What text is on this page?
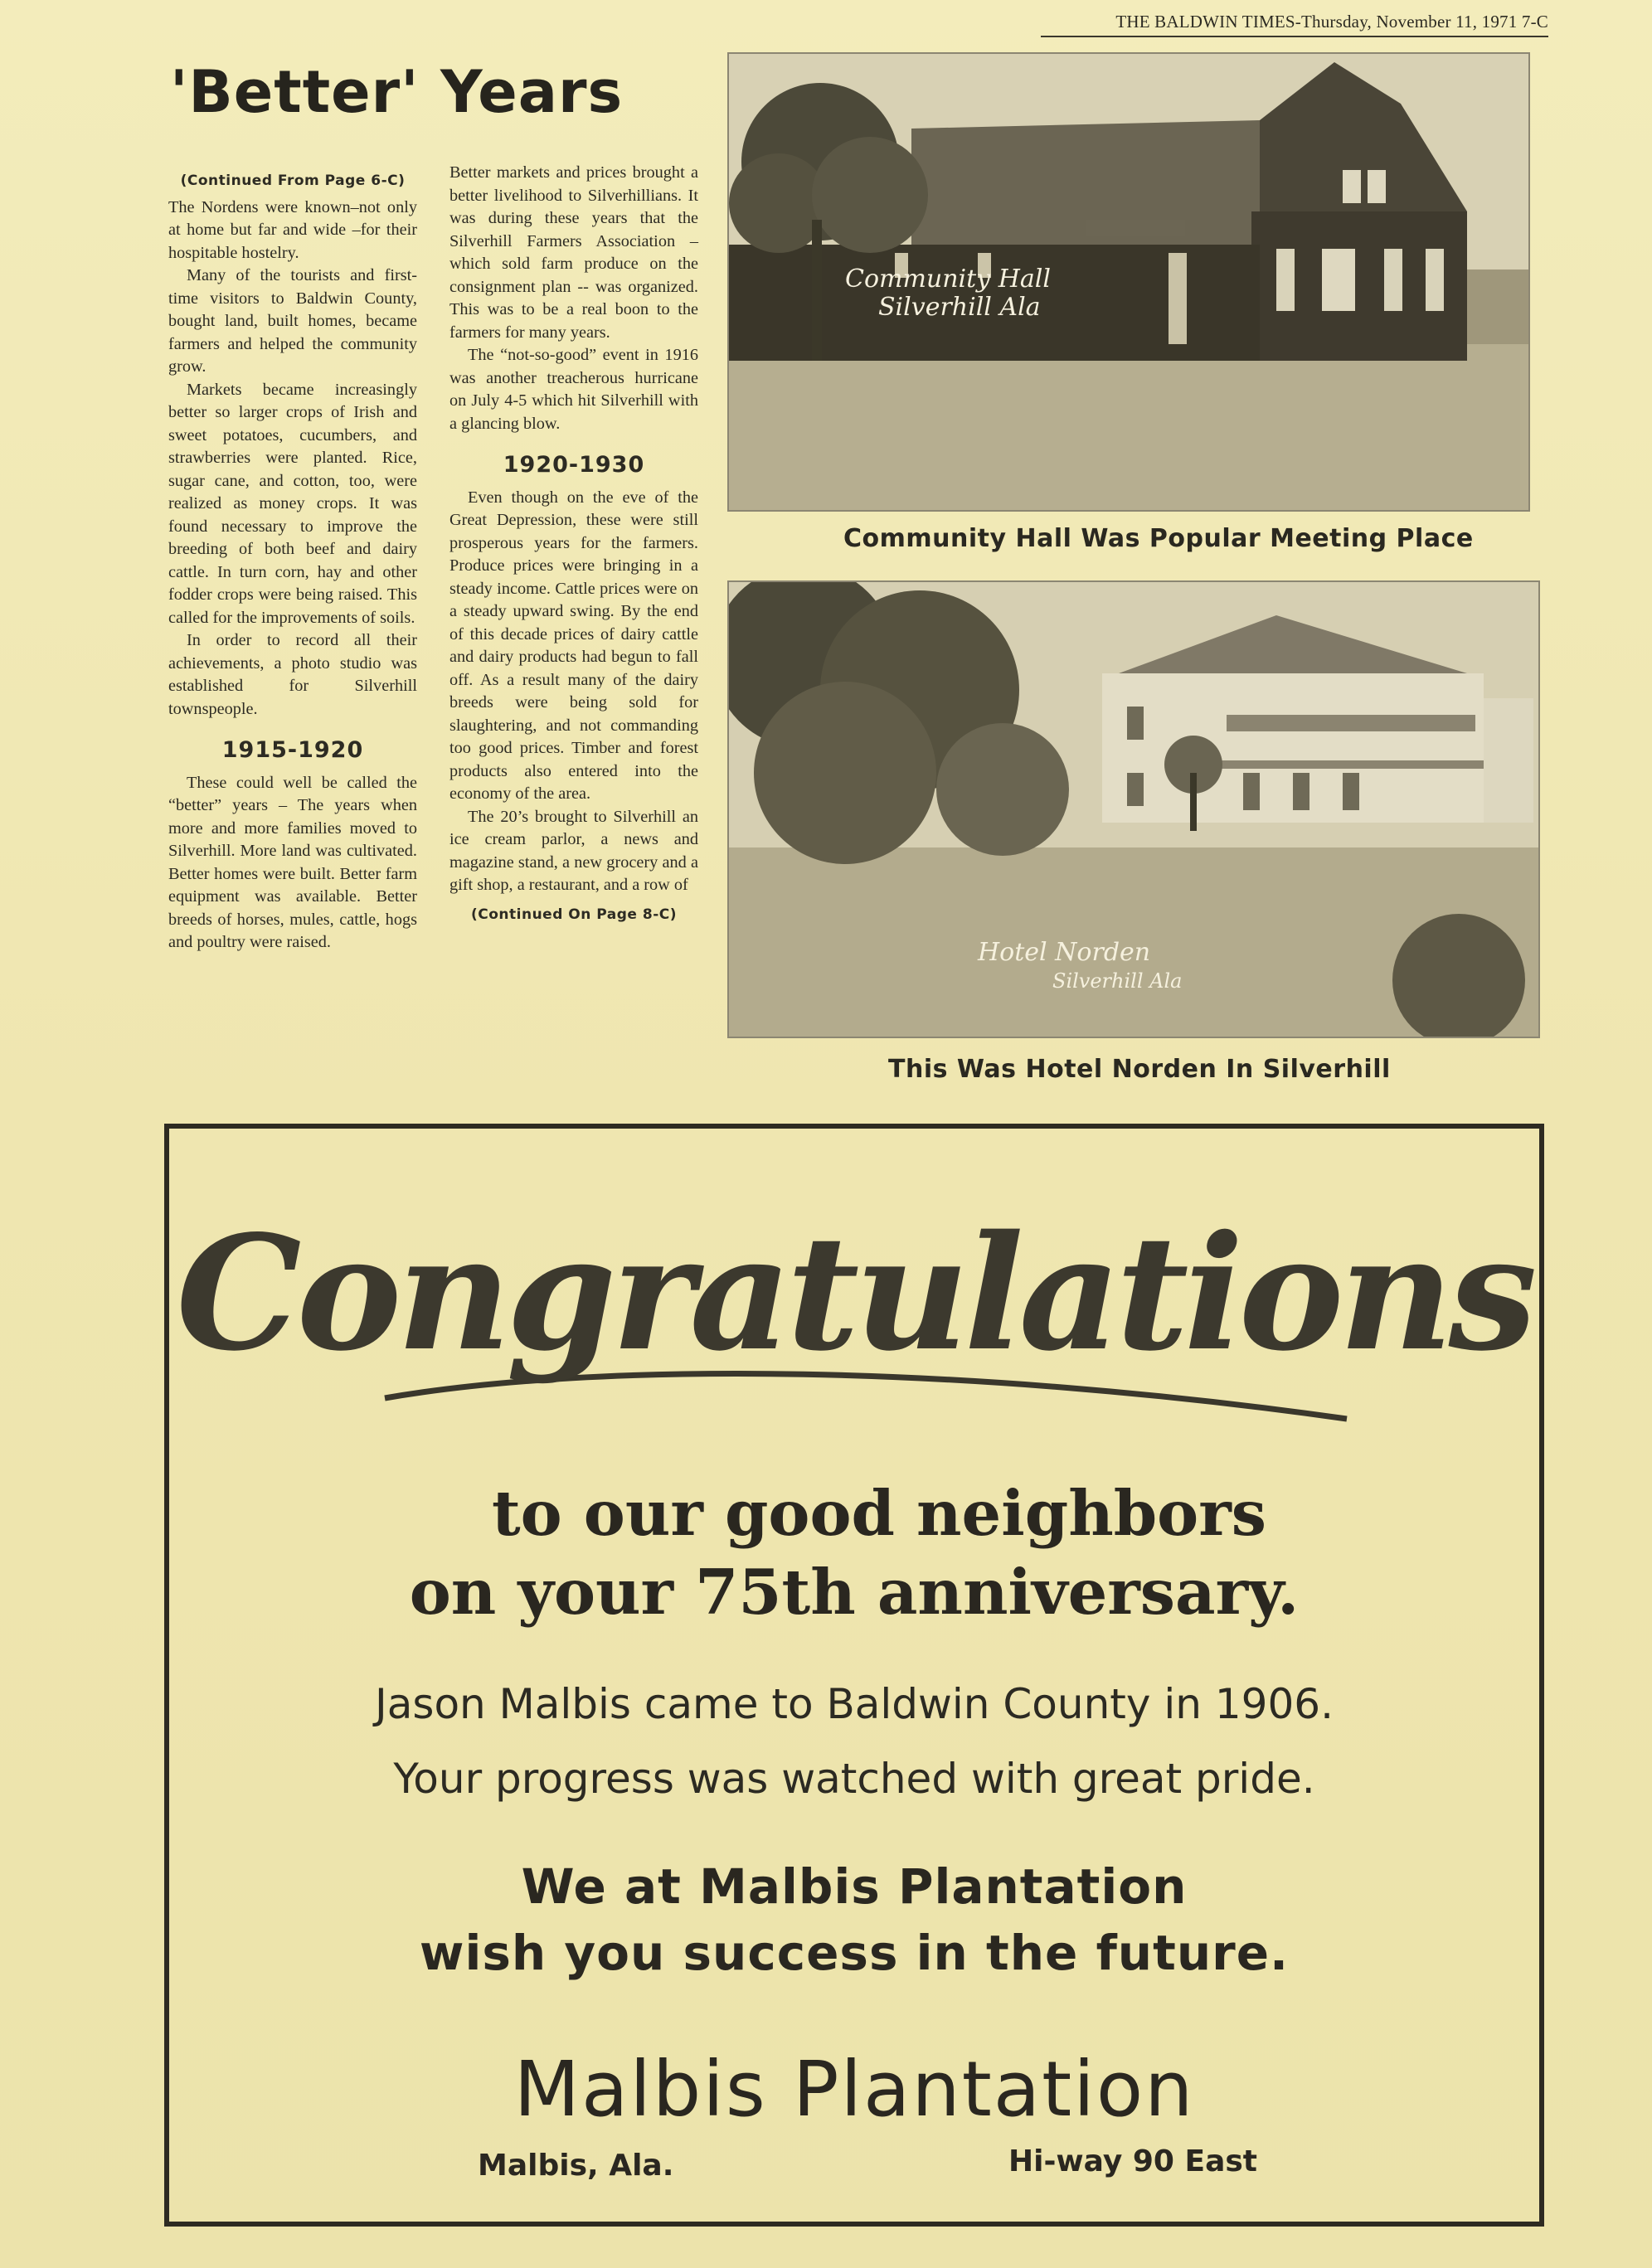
THE BALDWIN TIMES-Thursday, November 11, 1971 7-C
'Better' Years
(Continued From Page 6-C)

The Nordens were known–not only at home but far and wide –for their hospitable hostelry.

Many of the tourists and first-time visitors to Baldwin County, bought land, built homes, became farmers and helped the community grow.

Markets became increasingly better so larger crops of Irish and sweet potatoes, cucumbers, and strawberries were planted. Rice, sugar cane, and cotton, too, were realized as money crops. It was found necessary to improve the breeding of both beef and dairy cattle. In turn corn, hay and other fodder crops were being raised. This called for the improvements of soils.

In order to record all their achievements, a photo studio was established for Silverhill townspeople.

1915-1920

These could well be called the “better” years – The years when more and more families moved to Silverhill. More land was cultivated. Better homes were built. Better farm equipment was available. Better breeds of horses, mules, cattle, hogs and poultry were raised.

Better markets and prices brought a better livelihood to Silverhillians. It was during these years that the Silverhill Farmers Association – which sold farm produce on the consignment plan -- was organized. This was to be a real boon to the farmers for many years.

The “not-so-good” event in 1916 was another treacherous hurricane on July 4-5 which hit Silverhill with a glancing blow.

1920-1930

Even though on the eve of the Great Depression, these were still prosperous years for the farmers. Produce prices were bringing in a steady income. Cattle prices were on a steady upward swing. By the end of this decade prices of dairy cattle and dairy products had begun to fall off. As a result many of the dairy breeds were being sold for slaughtering, and not commanding too good prices. Timber and forest products also entered into the economy of the area.

The 20’s brought to Silverhill an ice cream parlor, a news and magazine stand, a new grocery and a gift shop, a restaurant, and a row of

(Continued On Page 8-C)
Community Hall
Silverhill Ala
Community Hall Was Popular Meeting Place
Hotel Norden
Silverhill Ala
This Was Hotel Norden In Silverhill
Congratulations
to our good neighbors
on your 75th anniversary.
Jason Malbis came to Baldwin County in 1906.
Your progress was watched with great pride.
We at Malbis Plantation
wish you success in the future.
Malbis Plantation
Malbis, Ala.	Hi-way 90 East
